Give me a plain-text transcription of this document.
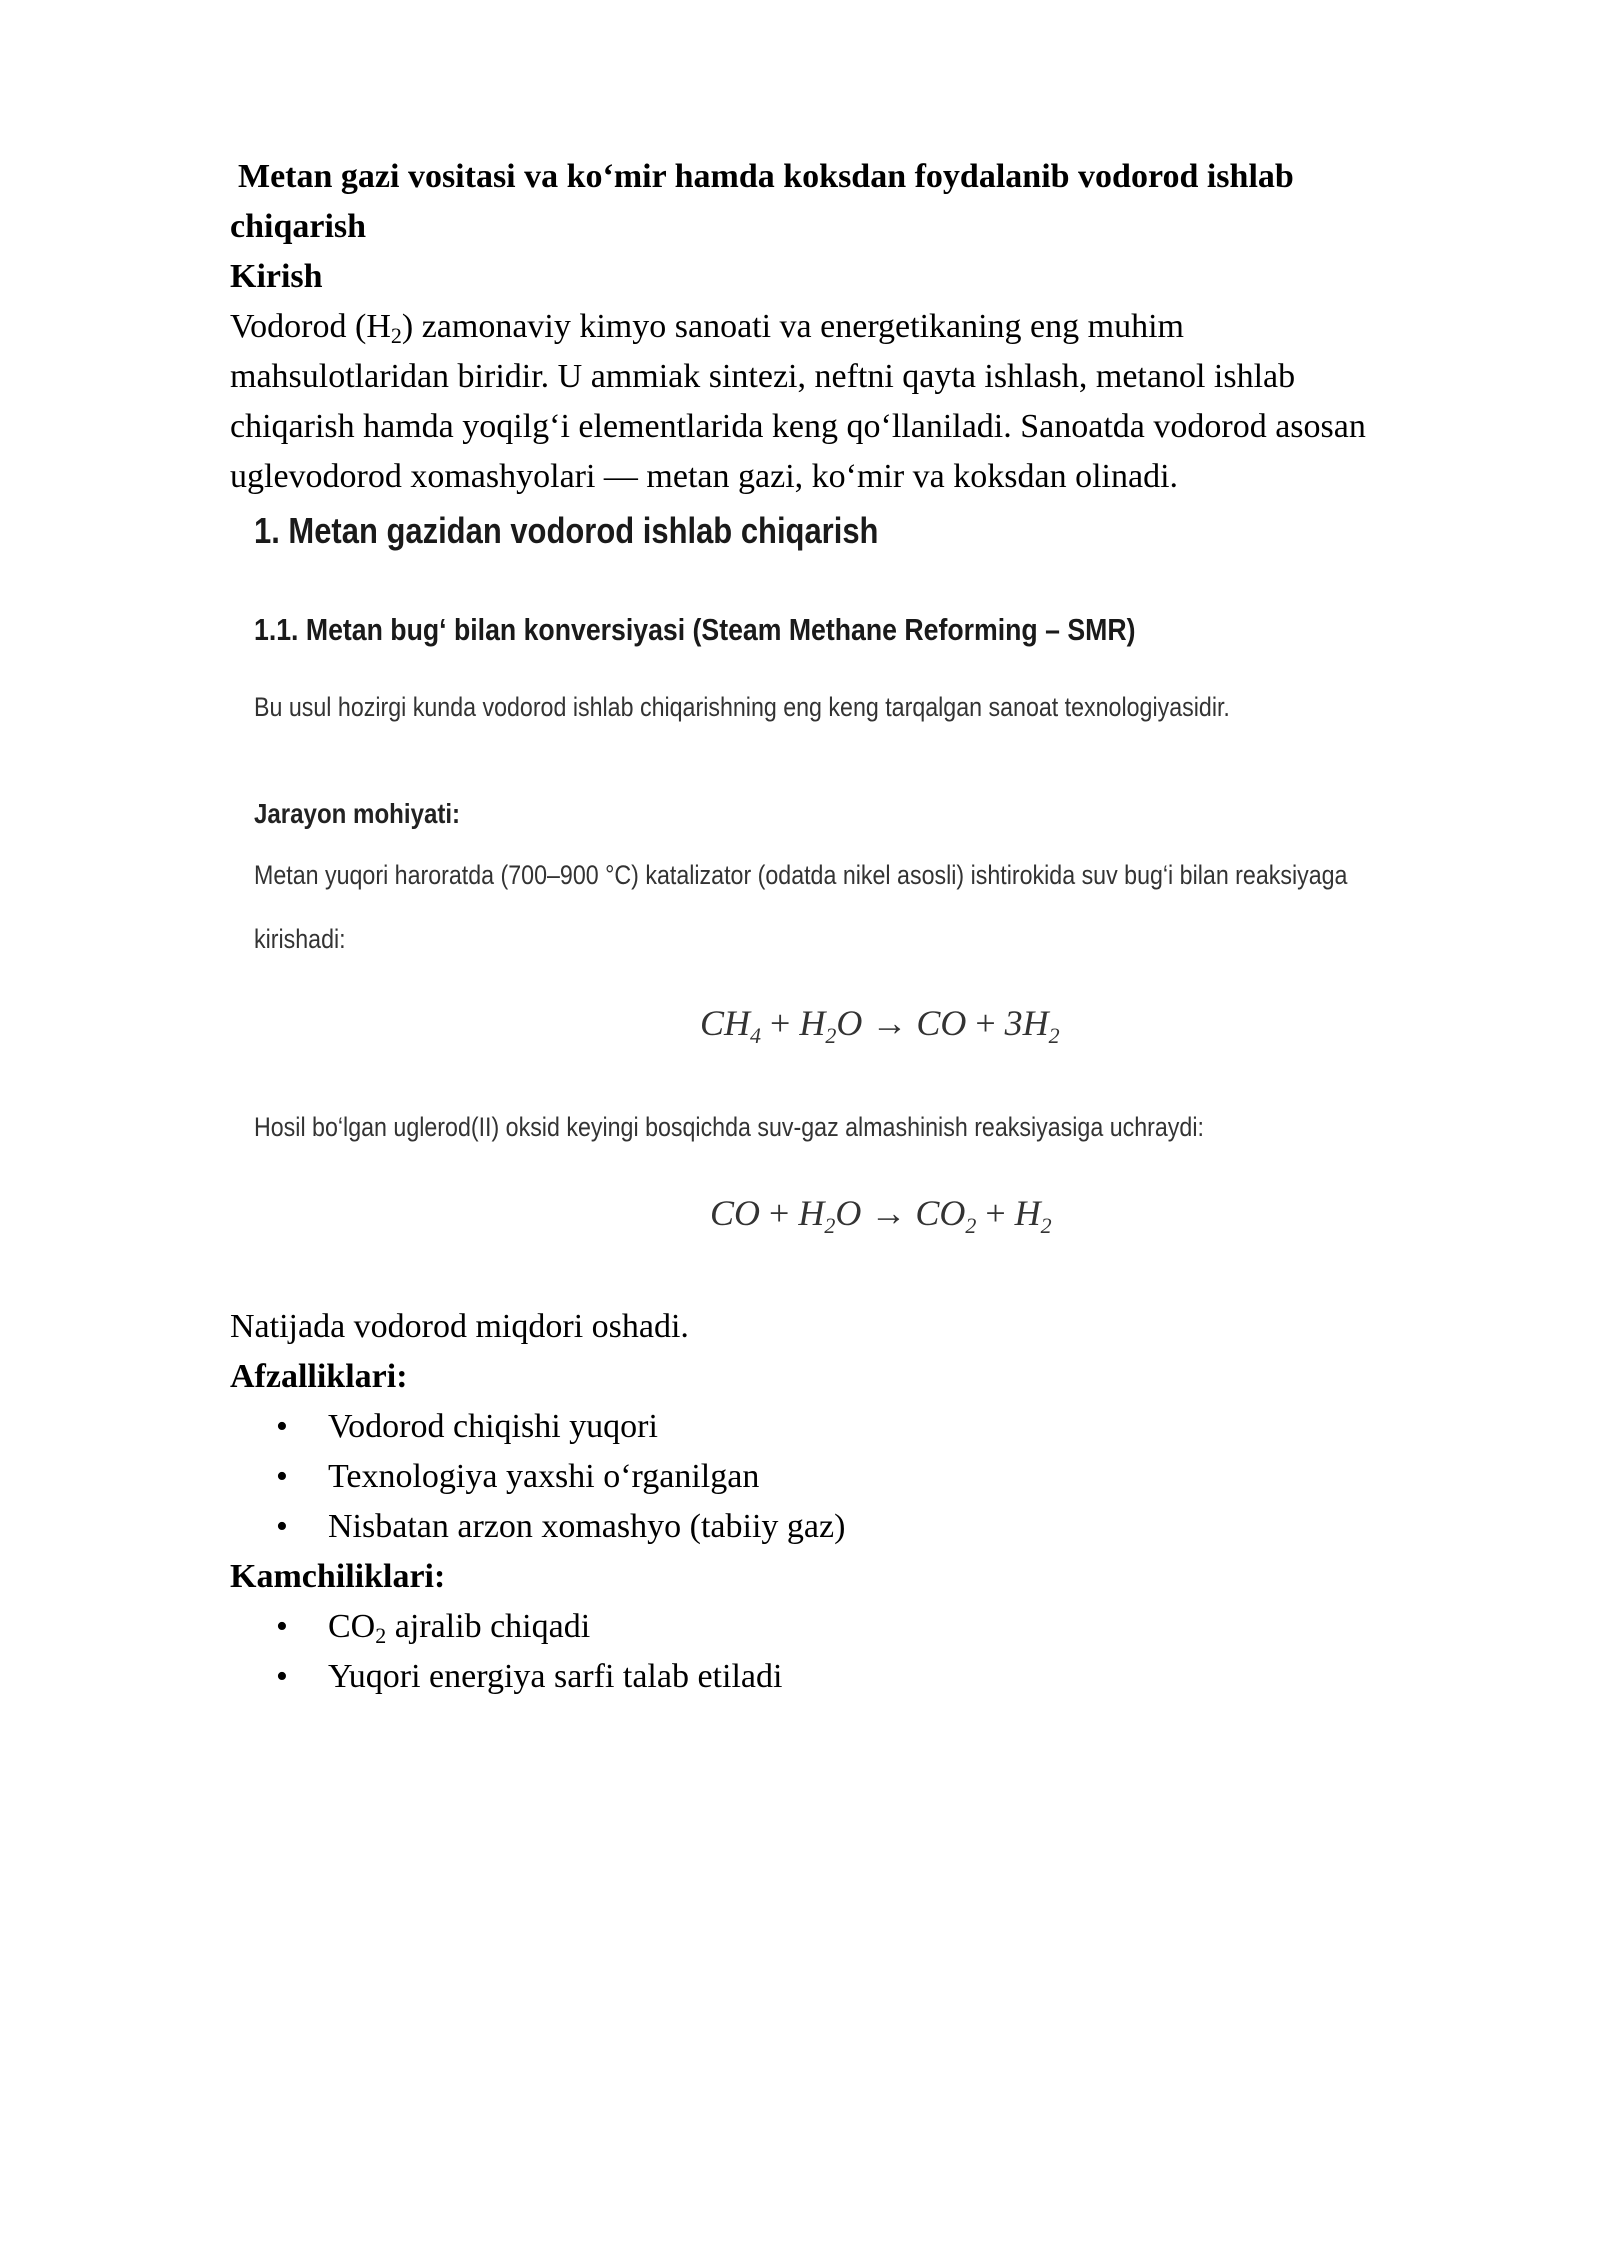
Metan gazi vositasi va ko‘mir hamda koksdan foydalanib vodorod ishlab
chiqarish
Kirish
Vodorod $(H_2)$ zamonaviy kimyo sanoati va energetikaning eng muhim
mahsulotlaridan biridir. U ammiak sintezi, neftni qayta ishlash, metanol ishlab
chiqarish hamda yoqilg‘i elementlarida keng qo‘llaniladi. Sanoatda vodorod asosan
uglevodorod xomashyolari — metan gazi, ko‘mir va koksdan olinadi.
1. Metan gazidan vodorod ishlab chiqarish
1.1. Metan bug‘ bilan konversiyasi (Steam Methane Reforming – SMR)
Bu usul hozirgi kunda vodorod ishlab chiqarishning eng keng tarqalgan sanoat texnologiyasidir.
Jarayon mohiyati:
Metan yuqori haroratda (700–900 °C) katalizator (odatda nikel asosli) ishtirokida suv bug‘i bilan reaksiyaga
kirishadi:
$CH_4 + H_2O$ → CO + $3H_2$
Hosil bo‘lgan uglerod(II) oksid keyingi bosqichda suv-gaz almashinish reaksiyasiga uchraydi:
CO + $H_2O \to CO_2 + H_2$
Natijada vodorod miqdori oshadi.
Afzalliklari:
• Vodorod chiqishi yuqori
• Texnologiya yaxshi o‘rganilgan
• Nisbatan arzon xomashyo (tabiiy gaz)
Kamchiliklari:
• $CO_2$ ajralib chiqadi
• Yuqori energiya sarfi talab etiladi
